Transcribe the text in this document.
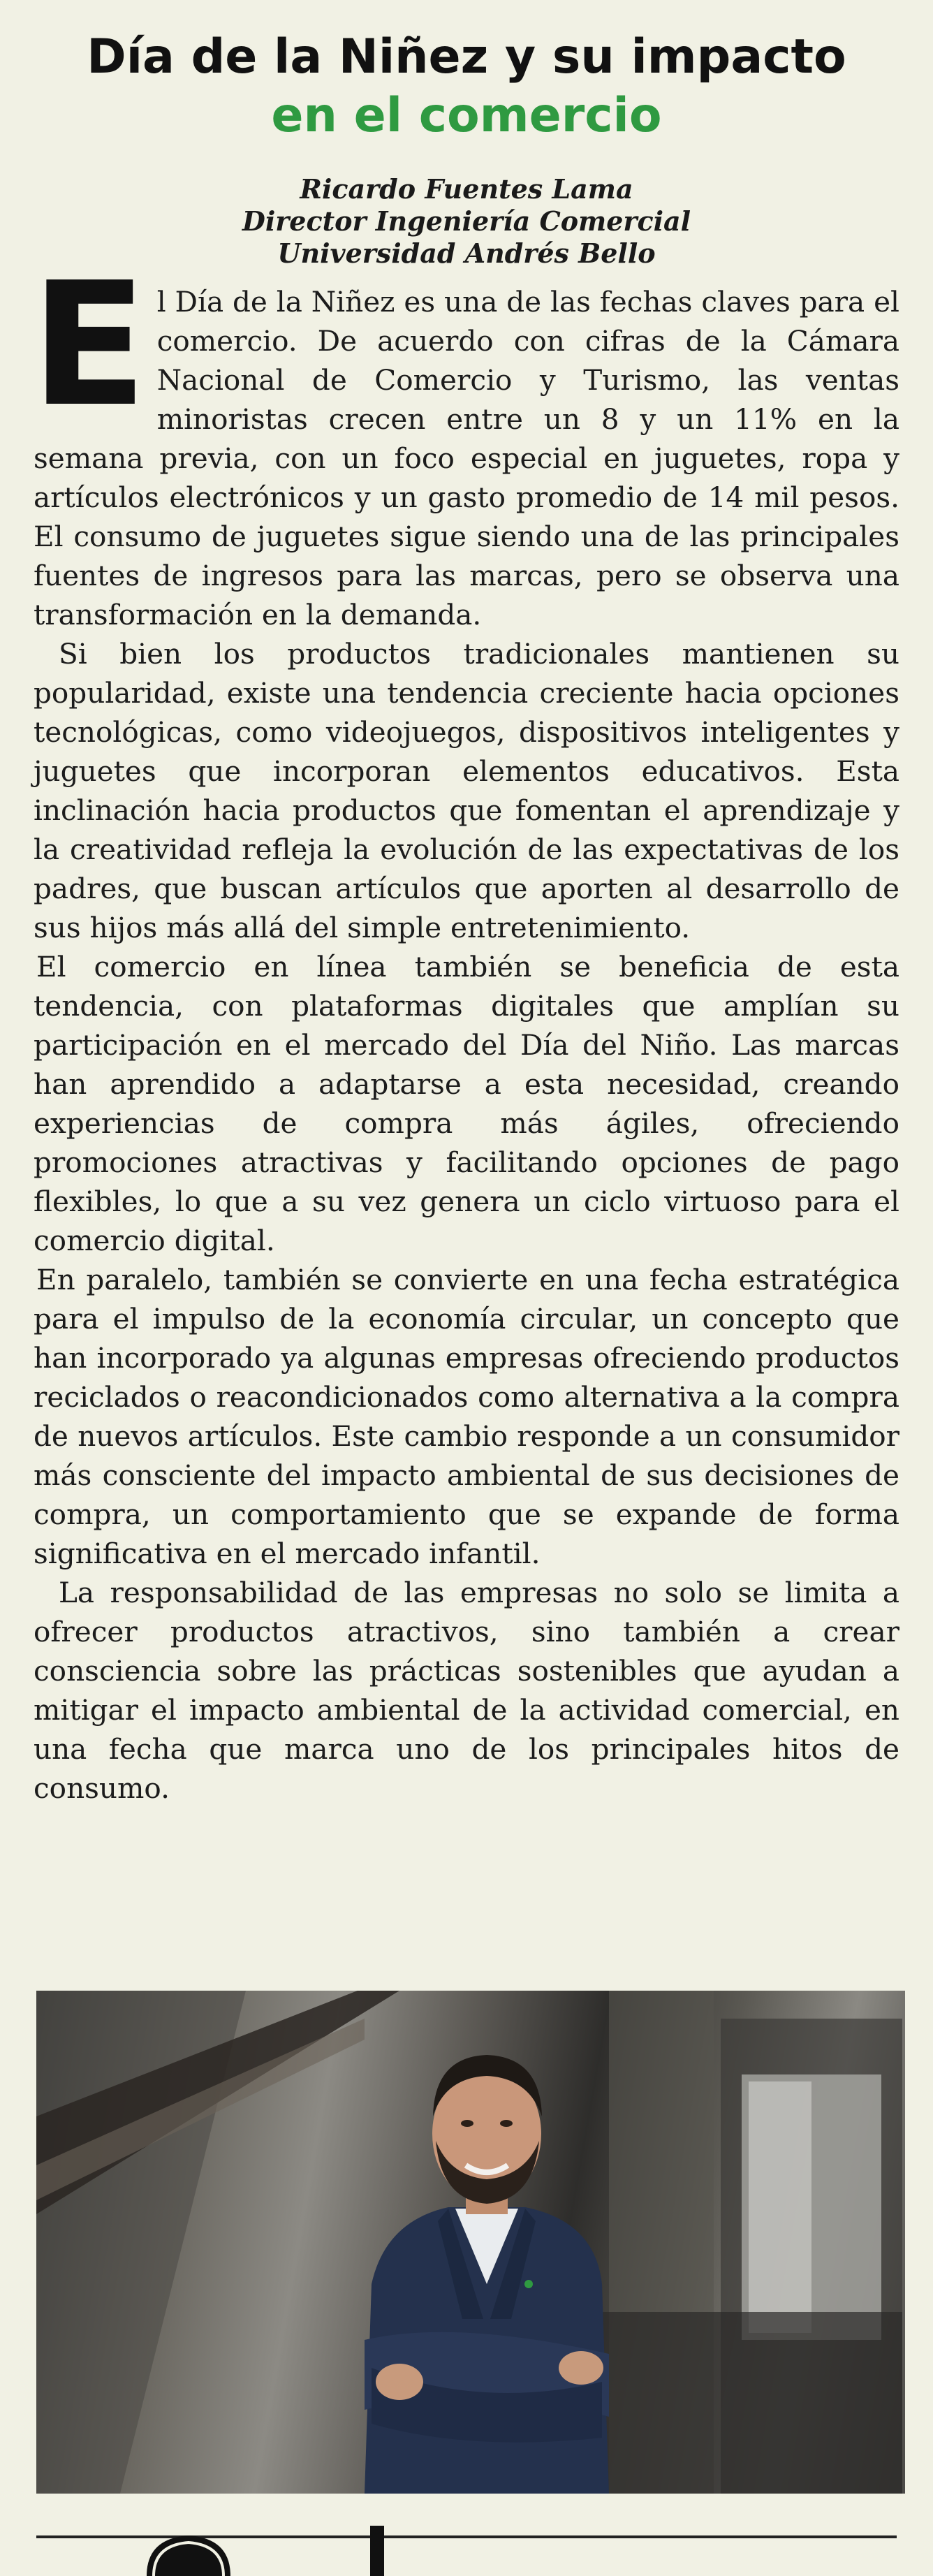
Día de la Niñez y su impacto
en el comercio
Ricardo Fuentes Lama
Director Ingeniería Comercial
Universidad Andrés Bello

El Día de la Niñez es una de las fechas claves para el comercio. De acuerdo con cifras de la Cámara Nacional de Comercio y Turismo, las ventas minoristas crecen entre un 8 y un 11% en la semana previa, con un foco especial en juguetes, ropa y artículos electrónicos y un gasto promedio de 14 mil pesos. El consumo de juguetes sigue siendo una de las principales fuentes de ingresos para las marcas, pero se observa una transformación en la demanda.

Si bien los productos tradicionales mantienen su popularidad, existe una tendencia creciente hacia opciones tecnológicas, como videojuegos, dispositivos inteligentes y juguetes que incorporan elementos educativos. Esta inclinación hacia productos que fomentan el aprendizaje y la creatividad refleja la evolución de las expectativas de los padres, que buscan artículos que aporten al desarrollo de sus hijos más allá del simple entretenimiento.

El comercio en línea también se beneficia de esta tendencia, con plataformas digitales que amplían su participación en el mercado del Día del Niño. Las marcas han aprendido a adaptarse a esta necesidad, creando experiencias de compra más ágiles, ofreciendo promociones atractivas y facilitando opciones de pago flexibles, lo que a su vez genera un ciclo virtuoso para el comercio digital.

En paralelo, también se convierte en una fecha estratégica para el impulso de la economía circular, un concepto que han incorporado ya algunas empresas ofreciendo productos reciclados o reacondicionados como alternativa a la compra de nuevos artículos. Este cambio responde a un consumidor más consciente del impacto ambiental de sus decisiones de compra, un comportamiento que se expande de forma significativa en el mercado infantil.

La responsabilidad de las empresas no solo se limita a ofrecer productos atractivos, sino también a crear consciencia sobre las prácticas sostenibles que ayudan a mitigar el impacto ambiental de la actividad comercial, en una fecha que marca uno de los principales hitos de consumo.
